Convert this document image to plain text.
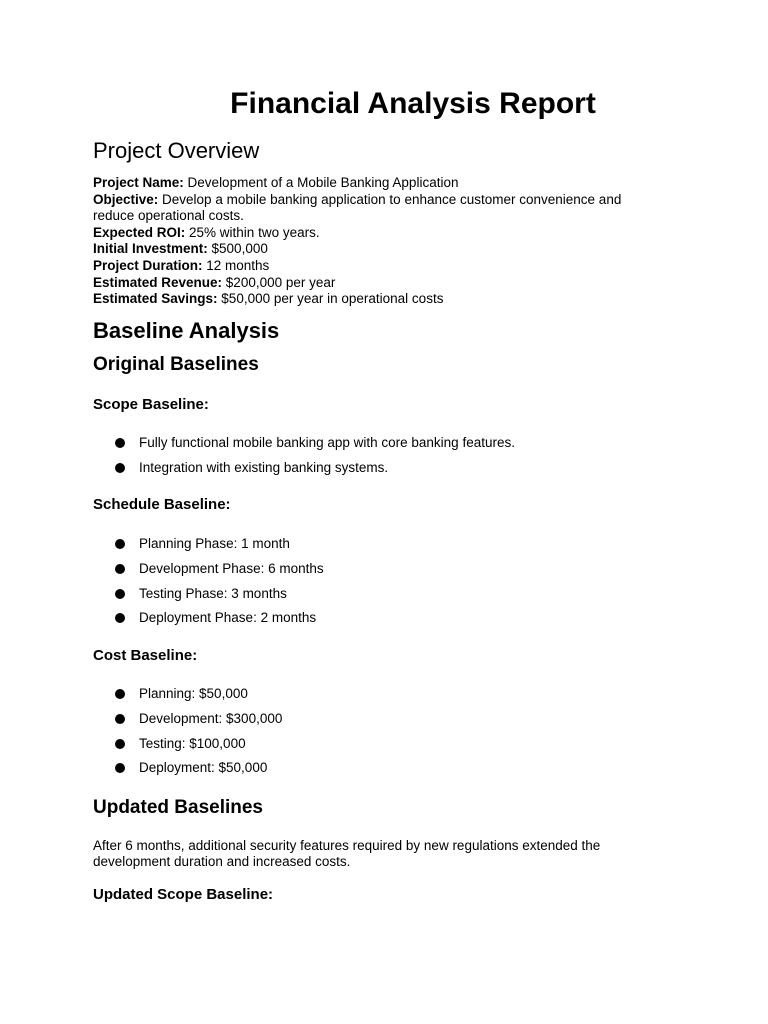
Financial Analysis Report
Project Overview
Project Name: Development of a Mobile Banking Application
Objective: Develop a mobile banking application to enhance customer convenience and reduce operational costs.
Expected ROI: 25% within two years.
Initial Investment: $500,000
Project Duration: 12 months
Estimated Revenue: $200,000 per year
Estimated Savings: $50,000 per year in operational costs
Baseline Analysis
Original Baselines
Scope Baseline:
Fully functional mobile banking app with core banking features.
Integration with existing banking systems.
Schedule Baseline:
Planning Phase: 1 month
Development Phase: 6 months
Testing Phase: 3 months
Deployment Phase: 2 months
Cost Baseline:
Planning: $50,000
Development: $300,000
Testing: $100,000
Deployment: $50,000
Updated Baselines
After 6 months, additional security features required by new regulations extended the development duration and increased costs.
Updated Scope Baseline:
